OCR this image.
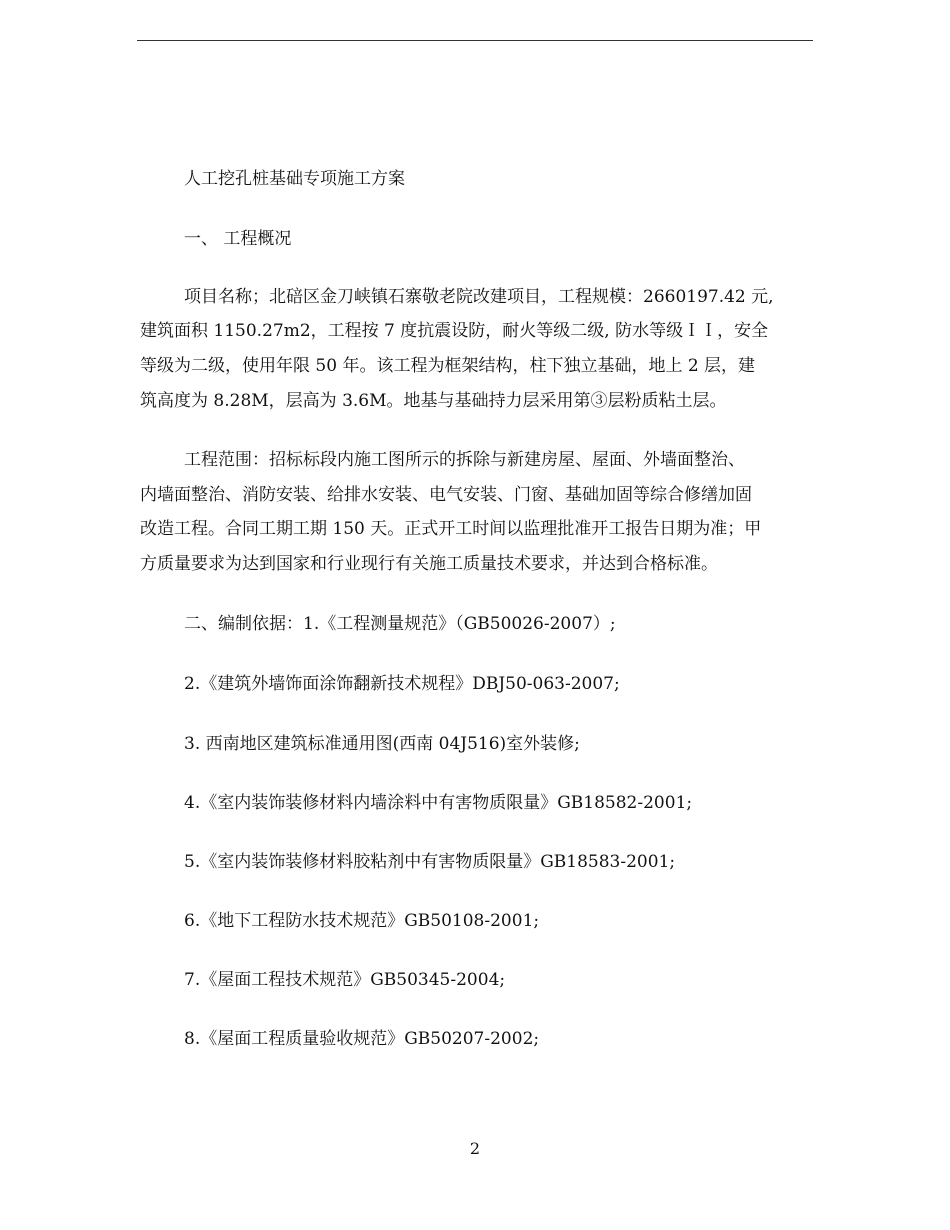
人工挖孔桩基础专项施工方案
一、 工程概况
项目名称；北碚区金刀峡镇石寨敬老院改建项目，工程规模：2660197.42 元,
建筑面积 1150.27m2，工程按 7 度抗震设防，耐火等级二级, 防水等级ＩＩ，安全
等级为二级，使用年限 50 年。该工程为框架结构，柱下独立基础，地上 2 层，建
筑高度为 8.28M，层高为 3.6M。地基与基础持力层采用第③层粉质粘土层。
工程范围：招标标段内施工图所示的拆除与新建房屋、屋面、外墙面整治、
内墙面整治、消防安装、给排水安装、电气安装、门窗、基础加固等综合修缮加固
改造工程。合同工期工期 150 天。正式开工时间以监理批准开工报告日期为准；甲
方质量要求为达到国家和行业现行有关施工质量技术要求，并达到合格标准。
二、编制依据：1.《工程测量规范》（GB50026-2007）;
2.《建筑外墙饰面涂饰翻新技术规程》DBJ50-063-2007;
3. 西南地区建筑标准通用图(西南 04J516)室外装修;
4.《室内装饰装修材料内墙涂料中有害物质限量》GB18582-2001;
5.《室内装饰装修材料胶粘剂中有害物质限量》GB18583-2001;
6.《地下工程防水技术规范》GB50108-2001;
7.《屋面工程技术规范》GB50345-2004;
8.《屋面工程质量验收规范》GB50207-2002;
2
